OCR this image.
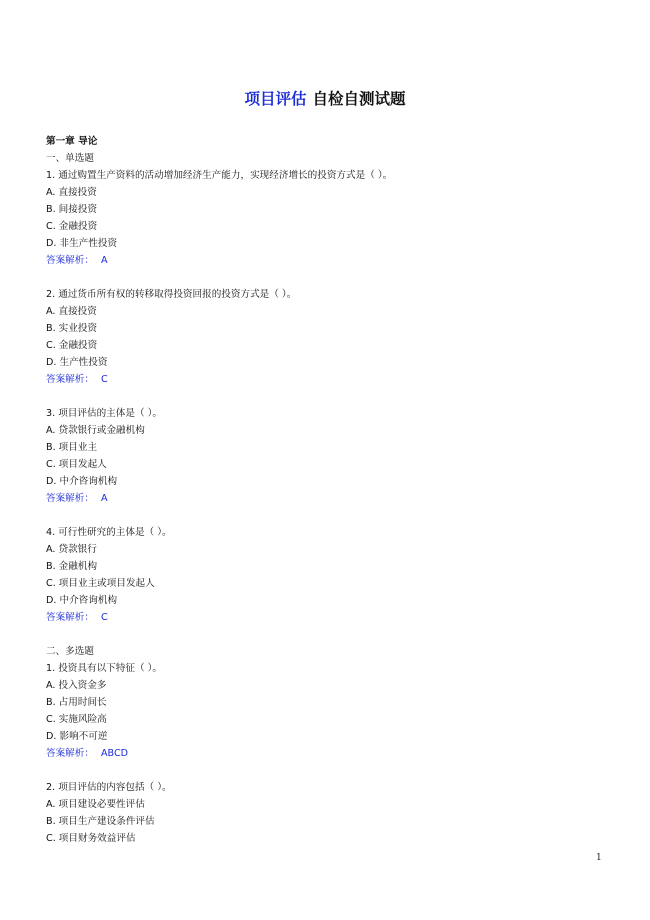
项目评估 自检自测试题
第一章 导论
一、单选题
1. 通过购置生产资料的活动增加经济生产能力，实现经济增长的投资方式是（ ）。
A. 直接投资
B. 间接投资
C. 金融投资
D. 非生产性投资
答案解析： A
2. 通过货币所有权的转移取得投资回报的投资方式是（ ）。
A. 直接投资
B. 实业投资
C. 金融投资
D. 生产性投资
答案解析： C
3. 项目评估的主体是（ ）。
A. 贷款银行或金融机构
B. 项目业主
C. 项目发起人
D. 中介咨询机构
答案解析： A
4. 可行性研究的主体是（ ）。
A. 贷款银行
B. 金融机构
C. 项目业主或项目发起人
D. 中介咨询机构
答案解析： C
二、多选题
1. 投资具有以下特征（ ）。
A. 投入资金多
B. 占用时间长
C. 实施风险高
D. 影响不可逆
答案解析： ABCD
2. 项目评估的内容包括（ ）。
A. 项目建设必要性评估
B. 项目生产建设条件评估
C. 项目财务效益评估
1
